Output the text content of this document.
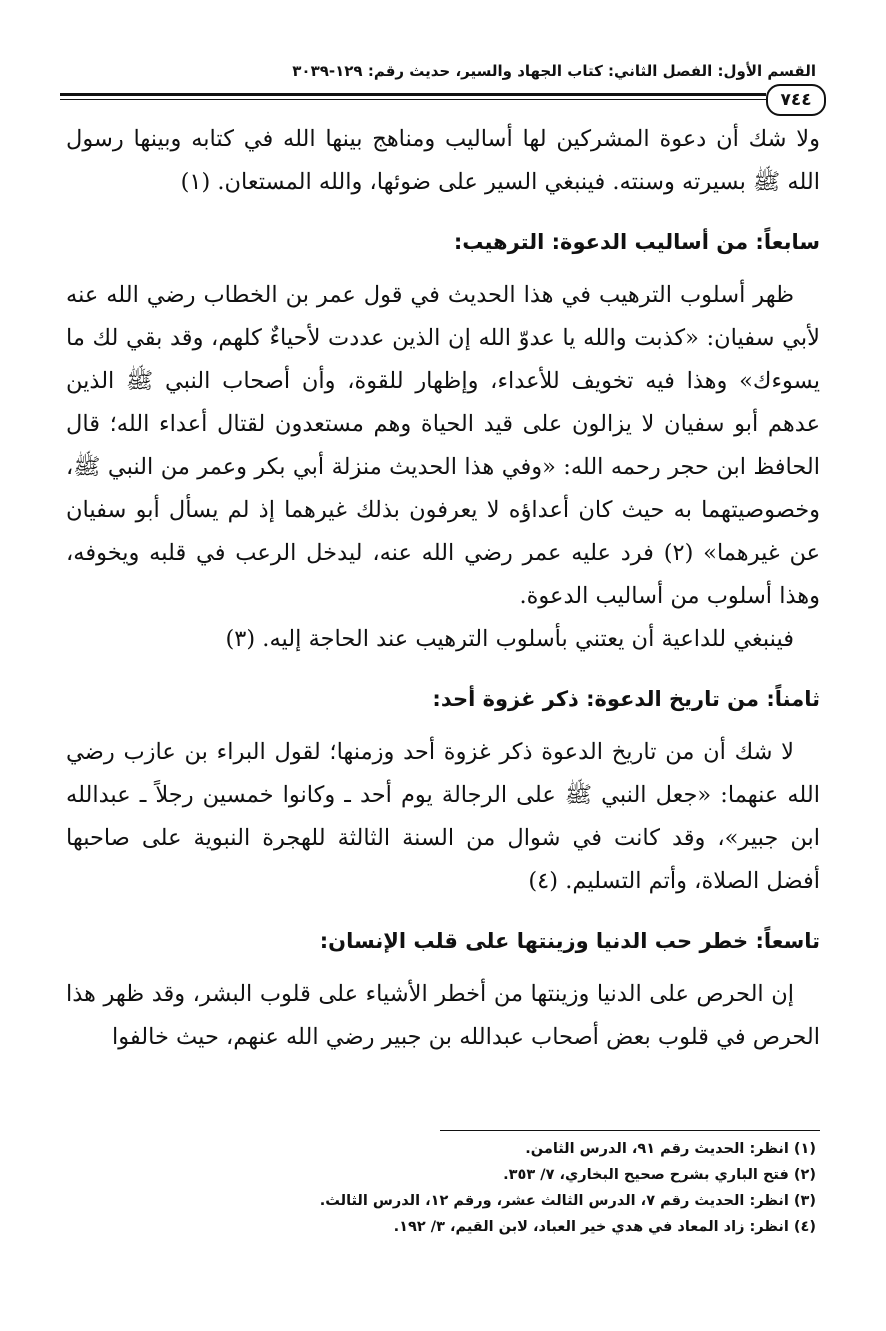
القسم الأول: الفصل الثاني: كتاب الجهاد والسير، حديث رقم: ١٢٩-٣٠٣٩
٧٤٤

ولا شك أن دعوة المشركين لها أساليب ومناهج بينها الله في كتابه وبينها رسول الله ﷺ بسيرته وسنته. فينبغي السير على ضوئها، والله المستعان. (١)

سابعاً: من أساليب الدعوة: الترهيب:

ظهر أسلوب الترهيب في هذا الحديث في قول عمر بن الخطاب رضي الله عنه لأبي سفيان: «كذبت والله يا عدوّ الله إن الذين عددت لأحياءٌ كلهم، وقد بقي لك ما يسوءك» وهذا فيه تخويف للأعداء، وإظهار للقوة، وأن أصحاب النبي ﷺ الذين عدهم أبو سفيان لا يزالون على قيد الحياة وهم مستعدون لقتال أعداء الله؛ قال الحافظ ابن حجر رحمه الله: «وفي هذا الحديث منزلة أبي بكر وعمر من النبي ﷺ، وخصوصيتهما به حيث كان أعداؤه لا يعرفون بذلك غيرهما إذ لم يسأل أبو سفيان عن غيرهما» (٢) فرد عليه عمر رضي الله عنه، ليدخل الرعب في قلبه ويخوفه، وهذا أسلوب من أساليب الدعوة.

فينبغي للداعية أن يعتني بأسلوب الترهيب عند الحاجة إليه. (٣)

ثامناً: من تاريخ الدعوة: ذكر غزوة أحد:

لا شك أن من تاريخ الدعوة ذكر غزوة أحد وزمنها؛ لقول البراء بن عازب رضي الله عنهما: «جعل النبي ﷺ على الرجالة يوم أحد ـ وكانوا خمسين رجلاً ـ عبدالله ابن جبير»، وقد كانت في شوال من السنة الثالثة للهجرة النبوية على صاحبها أفضل الصلاة، وأتم التسليم. (٤)

تاسعاً: خطر حب الدنيا وزينتها على قلب الإنسان:

إن الحرص على الدنيا وزينتها من أخطر الأشياء على قلوب البشر، وقد ظهر هذا الحرص في قلوب بعض أصحاب عبدالله بن جبير رضي الله عنهم، حيث خالفوا

(١) انظر: الحديث رقم ٩١، الدرس الثامن.
(٢) فتح الباري بشرح صحيح البخاري، ٧/ ٣٥٣.
(٣) انظر: الحديث رقم ٧، الدرس الثالث عشر، ورقم ١٢، الدرس الثالث.
(٤) انظر: زاد المعاد في هدي خير العباد، لابن القيم، ٣/ ١٩٢.
